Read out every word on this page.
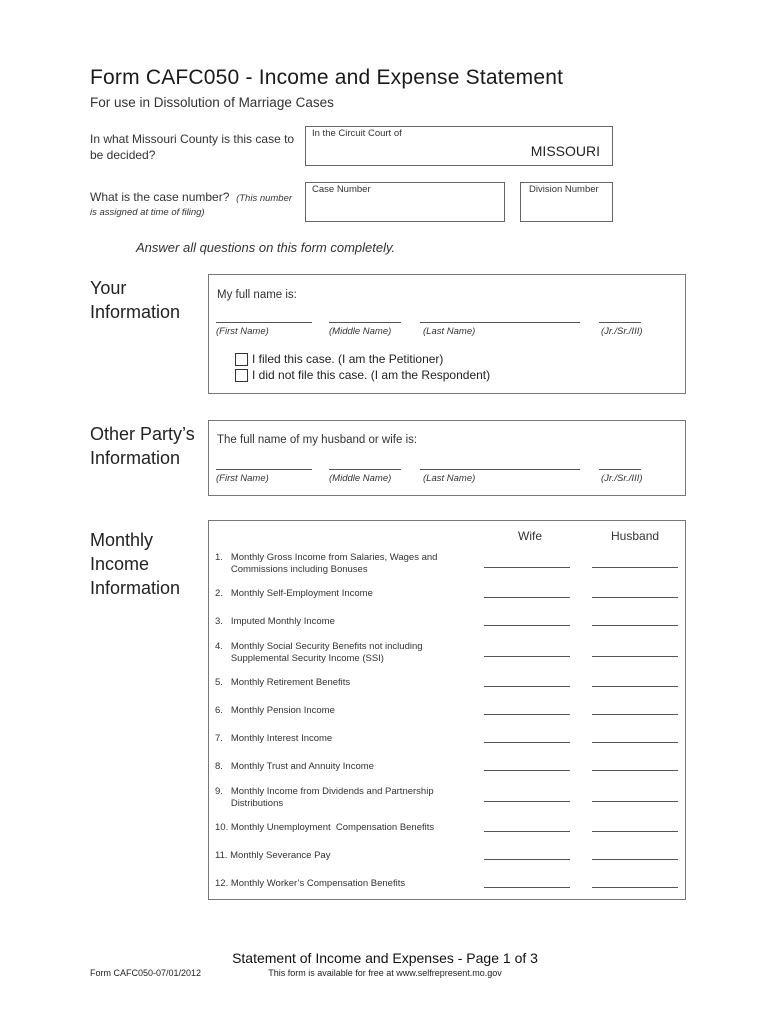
Form CAFC050 - Income and Expense Statement
For use in Dissolution of Marriage Cases
In what Missouri County is this case to
be decided?
In the Circuit Court of
MISSOURI
What is the case number? (This number
is assigned at time of filing)
Case Number	Division Number
Answer all questions on this form completely.
Your
Information
My full name is:
(First Name)	(Middle Name)	(Last Name)	(Jr./Sr./III)
I filed this case. (I am the Petitioner)
I did not file this case. (I am the Respondent)
Other Party’s
Information
The full name of my husband or wife is:
(First Name)	(Middle Name)	(Last Name)	(Jr./Sr./III)
Monthly
Income
Information
Wife	Husband
1.   Monthly Gross Income from Salaries, Wages and
Commissions including Bonuses
2.   Monthly Self-Employment Income
3.   Imputed Monthly Income
4.   Monthly Social Security Benefits not including
Supplemental Security Income (SSI)
5.   Monthly Retirement Benefits
6.   Monthly Pension Income
7.   Monthly Interest Income
8.   Monthly Trust and Annuity Income
9.   Monthly Income from Dividends and Partnership
Distributions
10. Monthly Unemployment  Compensation Benefits
11. Monthly Severance Pay
12. Monthly Worker’s Compensation Benefits
Statement of Income and Expenses - Page 1 of 3
This form is available for free at www.selfrepresent.mo.gov
Form CAFC050-07/01/2012
